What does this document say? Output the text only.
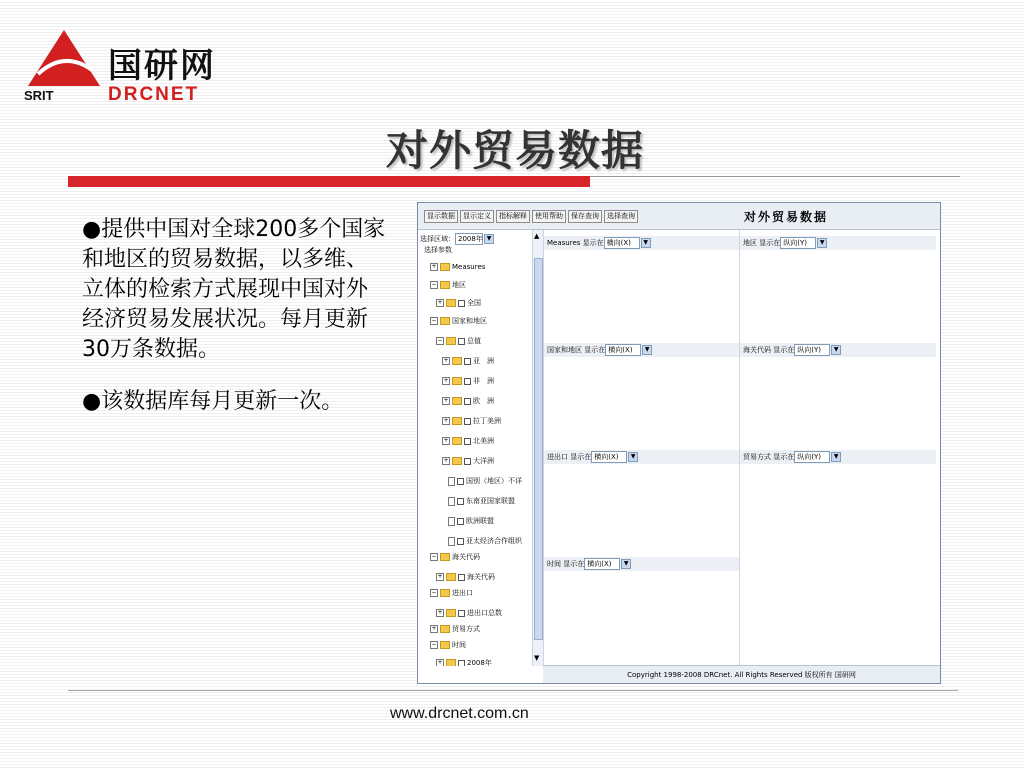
国研网
SRIT	DRCNET
对外贸易数据

●提供中国对全球200多个国家和地区的贸易数据，以多维、立体的检索方式展现中国对外经济贸易发展状况。每月更新30万条数据。

●该数据库每月更新一次。

显示数据	显示定义	指标解释	使用帮助	保存查询	选择查询	对外贸易数据
选择区域： 2008年 ▼
选择参数
+ Measures
− 地区
+	全国
− 国家和地区
−	总值
+	亚　洲
+	非　洲
+	欧　洲
+	拉丁美洲
+	北美洲
+	大洋洲
国别（地区）不详
东南亚国家联盟
欧洲联盟
亚太经济合作组织
− 海关代码
+	海关代码
− 进出口
+	进出口总数
+ 贸易方式
− 时间
+	2008年
▲
▼
Measures 显示在 横向(X) ▼	地区 显示在 纵向(Y) ▼
国家和地区 显示在 横向(X) ▼	海关代码 显示在 纵向(Y) ▼
进出口 显示在 横向(X) ▼	贸易方式 显示在 纵向(Y) ▼
时间 显示在 横向(X) ▼
Copyright 1998-2008 DRCnet. All Rights Reserved 版权所有 国研网
www.drcnet.com.cn
